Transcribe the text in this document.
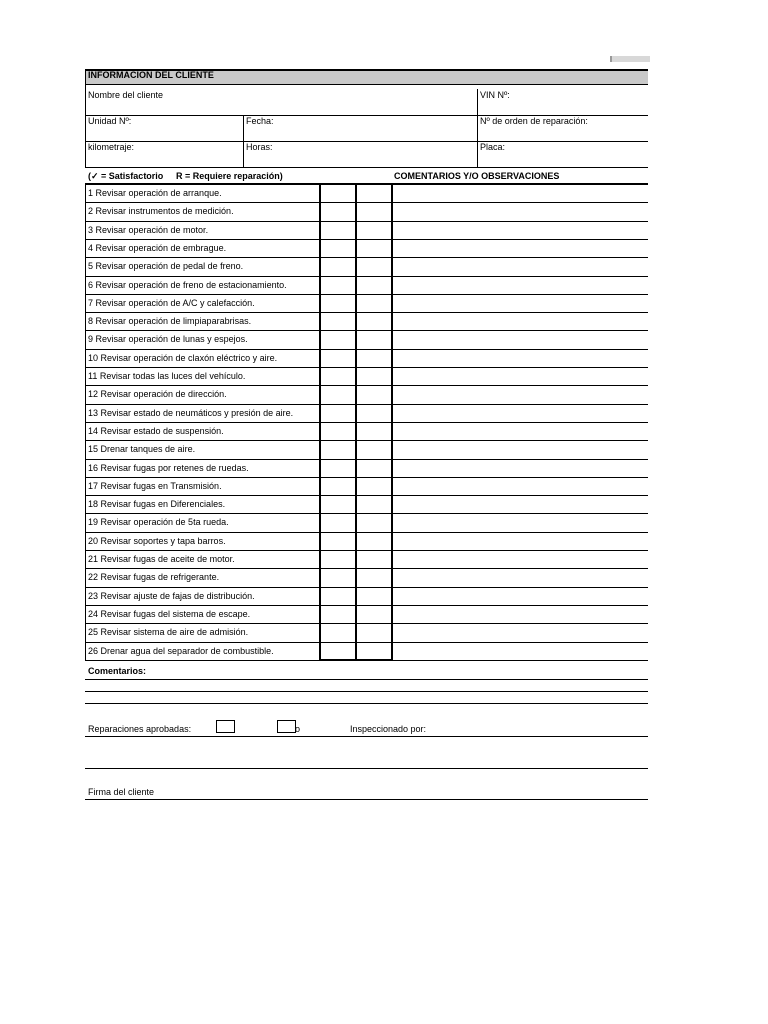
INFORMACION DEL CLIENTE
Nombre del cliente	VIN Nº:
Unidad Nº:	Fecha:	Nº de orden de reparación:
kilometraje:	Horas:	Placa:
(✓ = Satisfactorio R = Requiere reparación)	COMENTARIOS Y/O OBSERVACIONES
1 Revisar operación de arranque.
2 Revisar instrumentos de medición.
3 Revisar operación de motor.
4 Revisar operación de embrague.
5 Revisar operación de pedal de freno.
6 Revisar operación de freno de estacionamiento.
7 Revisar operación de A/C y calefacción.
8 Revisar operación de limpiaparabrisas.
9 Revisar operación de lunas y espejos.
10 Revisar operación de claxón eléctrico y aire.
11 Revisar todas las luces del vehículo.
12 Revisar operación de dirección.
13 Revisar estado de neumáticos y presión de aire.
14 Revisar estado de suspensión.
15 Drenar tanques de aire.
16 Revisar fugas por retenes de ruedas.
17 Revisar fugas en Transmisión.
18 Revisar fugas en Diferenciales.
19 Revisar operación de 5ta rueda.
20 Revisar soportes y tapa barros.
21 Revisar fugas de aceite de motor.
22 Revisar fugas de refrigerante.
23 Revisar ajuste de fajas de distribución.
24 Revisar fugas del sistema de escape.
25 Revisar sistema de aire de admisión.
26 Drenar agua del separador de combustible.
Comentarios:
Reparaciones aprobadas:	o	Inspeccionado por:
Firma del cliente
